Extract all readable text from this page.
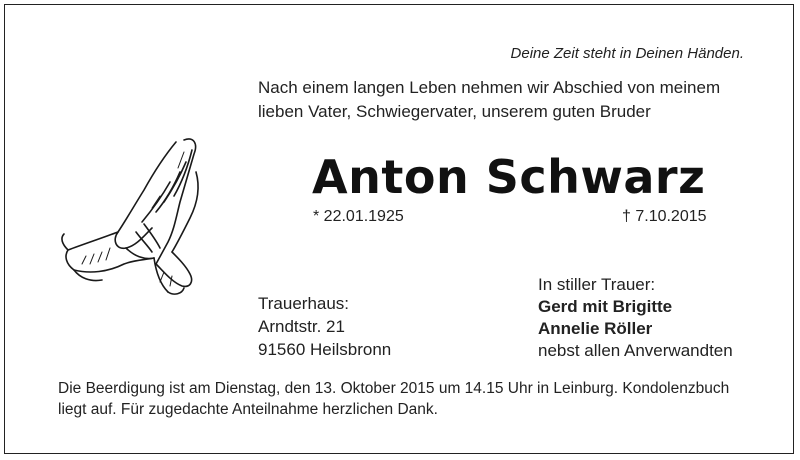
Deine Zeit steht in Deinen Händen.
Nach einem langen Leben nehmen wir Abschied von meinem
lieben Vater, Schwiegervater, unserem guten Bruder
Anton Schwarz
* 22.01.1925	† 7.10.2015
Trauerhaus:
Arndtstr. 21
91560 Heilsbronn
In stiller Trauer:
Gerd mit Brigitte
Annelie Röller
nebst allen Anverwandten
Die Beerdigung ist am Dienstag, den 13. Oktober 2015 um 14.15 Uhr in Leinburg. Kondolenzbuch
liegt auf. Für zugedachte Anteilnahme herzlichen Dank.
